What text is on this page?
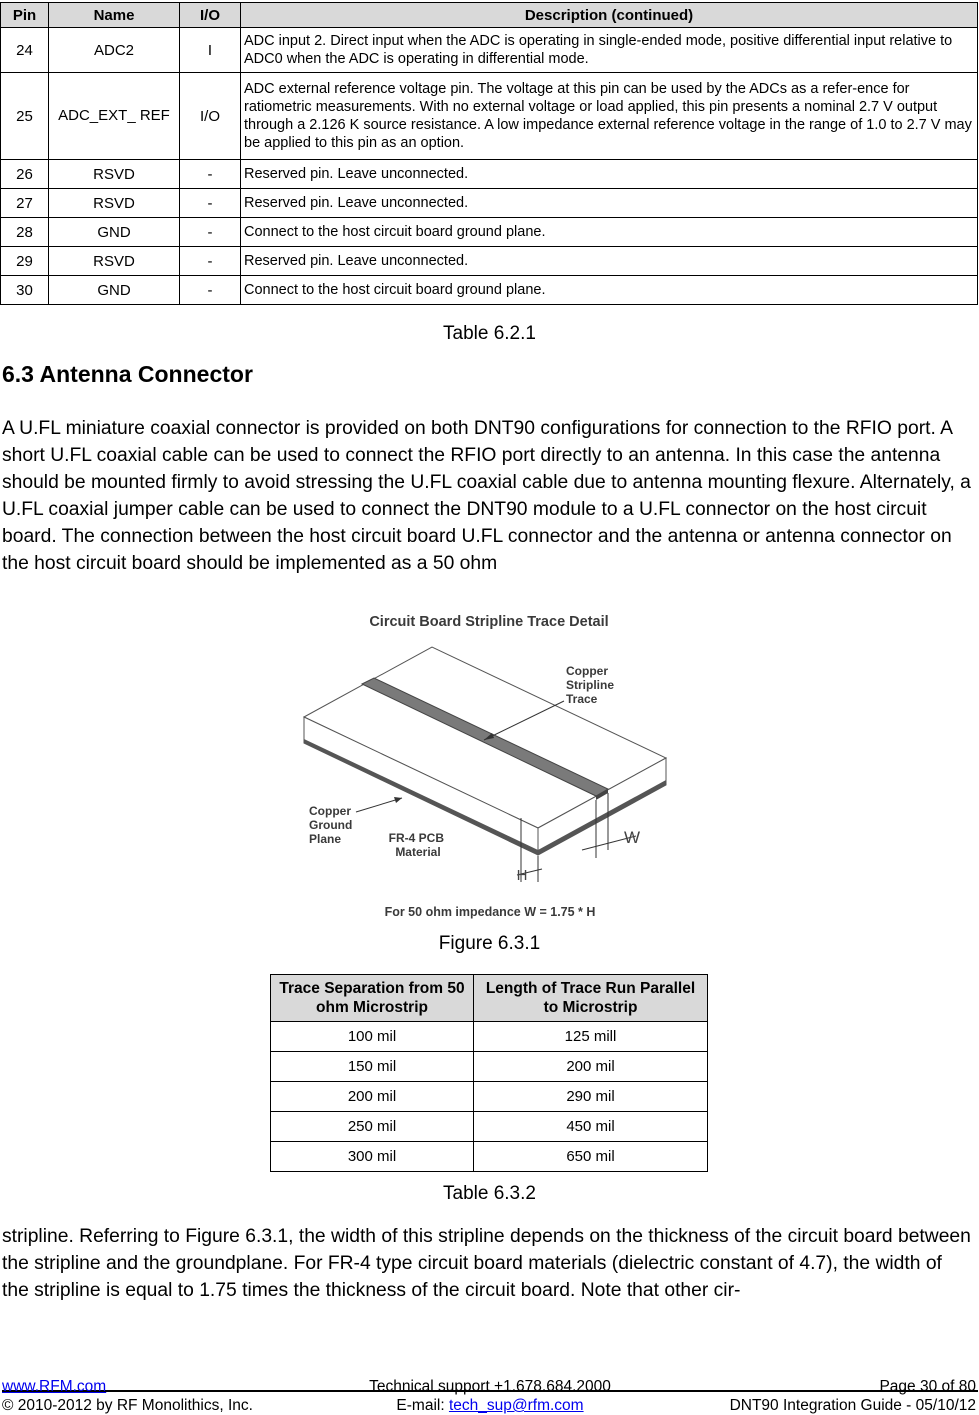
Pin	Name	I/O	Description (continued)
24	ADC2	I	ADC input 2. Direct input when the ADC is operating in single-ended mode, positive differential input relative to ADC0 when the ADC is operating in differential mode.
25	ADC_EXT_ REF	I/O	ADC external reference voltage pin. The voltage at this pin can be used by the ADCs as a refer-ence for ratiometric measurements. With no external voltage or load applied, this pin presents a nominal 2.7 V output through a 2.126 K source resistance. A low impedance external reference voltage in the range of 1.0 to 2.7 V may be applied to this pin as an option.
26	RSVD	-	Reserved pin. Leave unconnected.
27	RSVD	-	Reserved pin. Leave unconnected.
28	GND	-	Connect to the host circuit board ground plane.
29	RSVD	-	Reserved pin. Leave unconnected.
30	GND	-	Connect to the host circuit board ground plane.
Table 6.2.1
6.3 Antenna Connector
A U.FL miniature coaxial connector is provided on both DNT90 configurations for connection to the RFIO port. A short U.FL coaxial cable can be used to connect the RFIO port directly to an antenna. In this case the antenna should be mounted firmly to avoid stressing the U.FL coaxial cable due to antenna mounting flexure. Alternately, a U.FL coaxial jumper cable can be used to connect the DNT90 module to a U.FL connector on the host circuit board. The connection between the host circuit board U.FL connector and the antenna or antenna connector on the host circuit board should be implemented as a 50 ohm
Circuit Board Stripline Trace Detail
Copper Stripline Trace
Copper Ground Plane	FR-4 PCB Material
H
W
For 50 ohm impedance W = 1.75 * H
Figure 6.3.1
Trace Separation from 50 ohm Microstrip	Length of Trace Run Parallel to Microstrip
100 mil	125 mill
150 mil	200 mil
200 mil	290 mil
250 mil	450 mil
300 mil	650 mil
Table 6.3.2
stripline. Referring to Figure 6.3.1, the width of this stripline depends on the thickness of the circuit board between the stripline and the groundplane. For FR-4 type circuit board materials (dielectric constant of 4.7), the width of the stripline is equal to 1.75 times the thickness of the circuit board. Note that other cir-
www.RFM.com
© 2010-2012 by RF Monolithics, Inc.
Technical support +1.678.684.2000
E-mail: tech_sup@rfm.com
Page 30 of 80
DNT90 Integration Guide - 05/10/12
